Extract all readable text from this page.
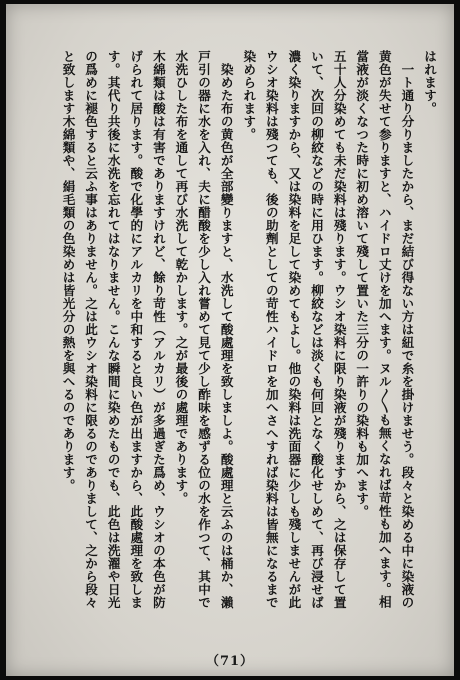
はれます。

一ト通り分りましたから、まだ結び得ない方は紐で糸を掛けませう。段々と染める中に染液の黄色が失せて参りますと、ハイドロ丈けを加へます。ヌル〳〵も無くなれば苛性も加へます。相當液が淡くなつた時に初め溶いて殘して置いた三分の一許りの染料も加へます。

五十人分染めても未だ染料は殘ります。ウシオ染料に限り染液が殘りますから、之は保存して置いて、次回の柳絞などの時に用ひます。柳絞などは淡くも何回となく酸化せしめて、再び浸せば濃く染りますから、又は染料を足して染めてもよし。他の染料は洗面器に少しも殘しませんが此ウシオ染料は殘つても、後の助劑としての苛性ハイドロを加へさへすれば染料は皆無になるまで染められます。

染めた布の黄色が全部變りますと、水洗して酸處理を致しましよ。酸處理と云ふのは桶か、瀨戸引の器に水を入れ、夫に醋酸を少し入れ嘗めて見て少し酢味を感ずる位の水を作つて、其中で水洗ひした布を通して再び水洗して乾かします。之が最後の處理であります。

木綿類は酸は有害でありますけれど、餘り苛性（アルカリ）が多過ぎた爲め、ウシオの本色が防げられて居ります。酸で化學的にアルカリを中和すると良い色が出ますから、此酸處理を致します。其代り共後に水洗を忘れてはなりません。こんな瞬間に染めたものでも、此色は洗濯や日光の爲めに褪色すると云ふ事はありません。之は此ウシオ染料に限るのでありまして、之から段々と致します木綿類や、絹毛類の色染めは皆光分の熱を與へるのであります。

（71）
